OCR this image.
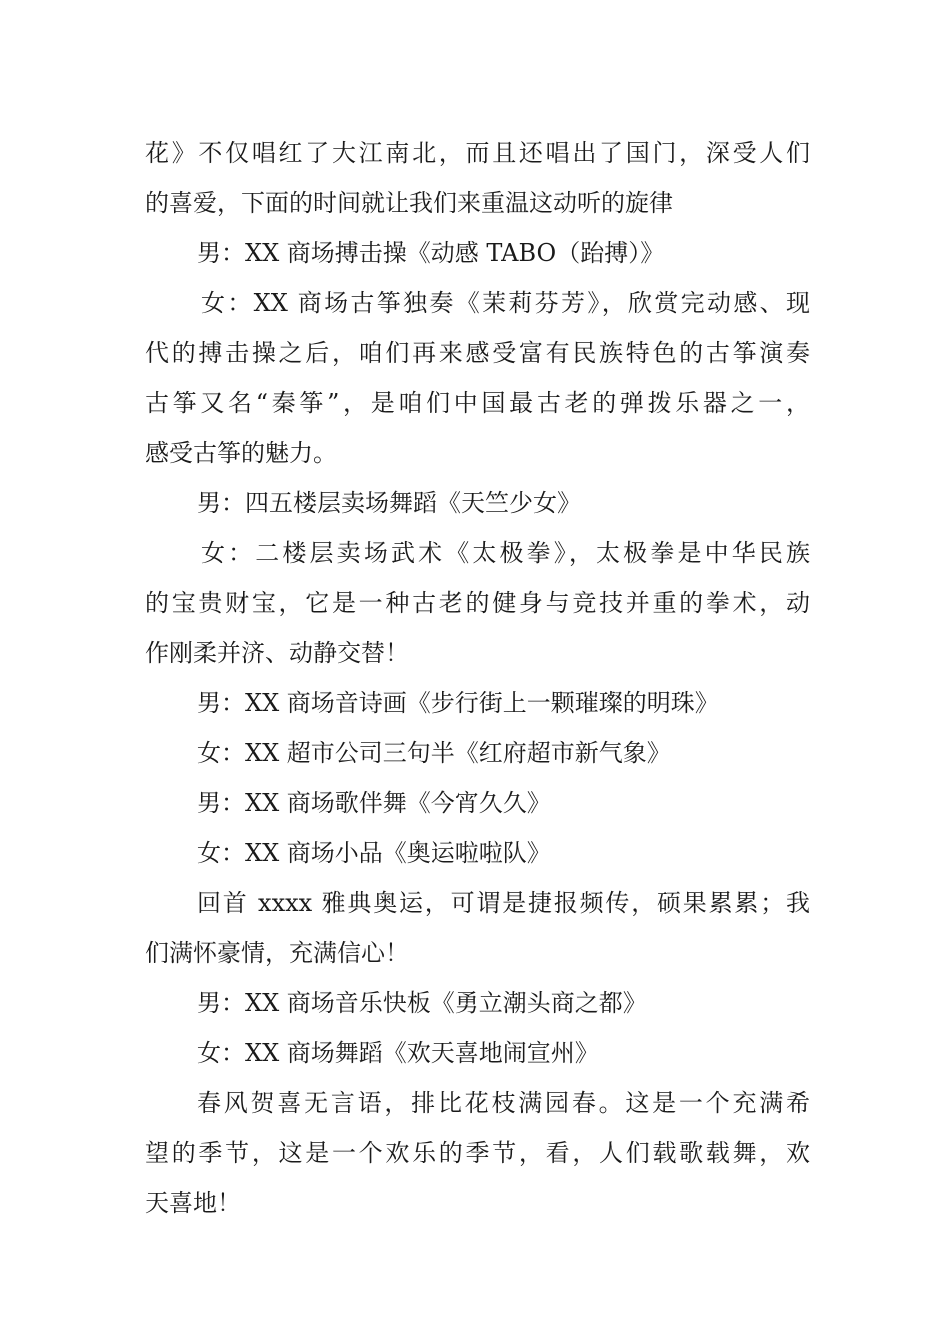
花》不仅唱红了大江南北，而且还唱出了国门，深受人们
的喜爱，下面的时间就让我们来重温这动听的旋律
男：XX 商场搏击操《动感 TABO（跆搏）》
女：XX 商场古筝独奏《茉莉芬芳》，欣赏完动感、现
代的搏击操之后，咱们再来感受富有民族特色的古筝演奏
古筝又名“秦筝”，是咱们中国最古老的弹拨乐器之一，
感受古筝的魅力。
男：四五楼层卖场舞蹈《天竺少女》
女：二楼层卖场武术《太极拳》，太极拳是中华民族
的宝贵财宝，它是一种古老的健身与竞技并重的拳术，动
作刚柔并济、动静交替！
男：XX 商场音诗画《步行街上一颗璀璨的明珠》
女：XX 超市公司三句半《红府超市新气象》
男：XX 商场歌伴舞《今宵久久》
女：XX 商场小品《奥运啦啦队》
回首 xxxx 雅典奥运，可谓是捷报频传，硕果累累；我
们满怀豪情，充满信心！
男：XX 商场音乐快板《勇立潮头商之都》
女：XX 商场舞蹈《欢天喜地闹宣州》
春风贺喜无言语，排比花枝满园春。这是一个充满希
望的季节，这是一个欢乐的季节，看，人们载歌载舞，欢
天喜地！
